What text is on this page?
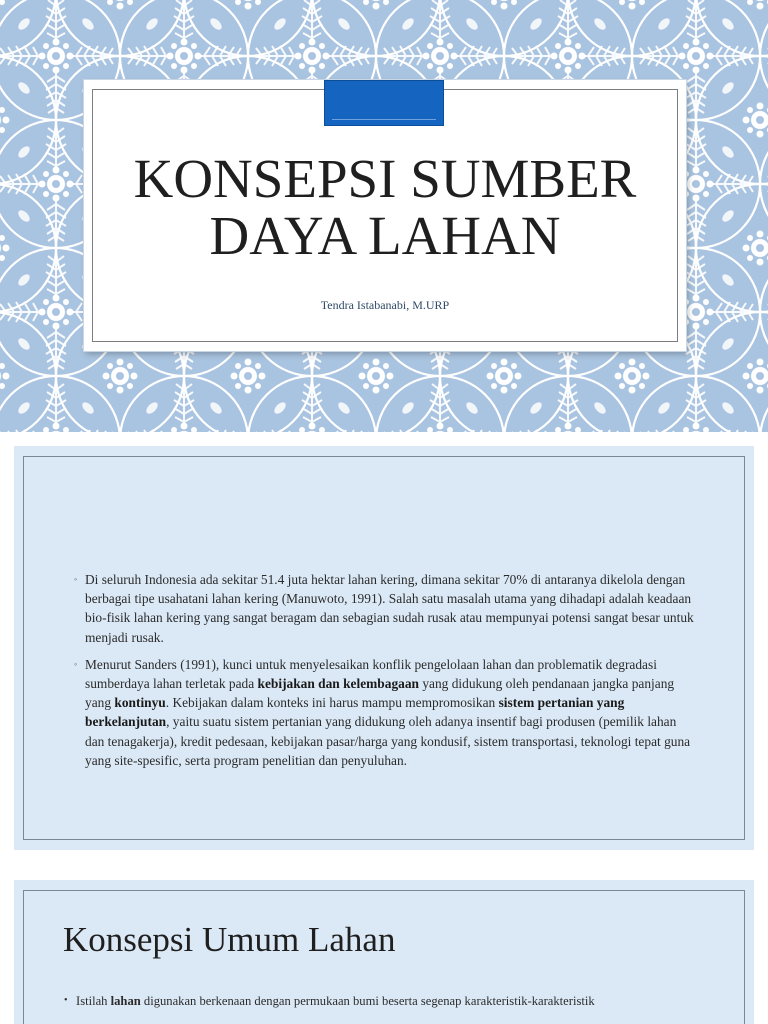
KONSEPSI SUMBER
DAYA LAHAN
Tendra Istabanabi, M.URP
◦ Di seluruh Indonesia ada sekitar 51.4 juta hektar lahan kering, dimana sekitar 70% di antaranya dikelola dengan berbagai tipe usahatani lahan kering (Manuwoto, 1991). Salah satu masalah utama yang dihadapi adalah keadaan bio-fisik lahan kering yang sangat beragam dan sebagian sudah rusak atau mempunyai potensi sangat besar untuk menjadi rusak.
◦ Menurut Sanders (1991), kunci untuk menyelesaikan konflik pengelolaan lahan dan problematik degradasi sumberdaya lahan terletak pada kebijakan dan kelembagaan yang didukung oleh pendanaan jangka panjang yang kontinyu. Kebijakan dalam konteks ini harus mampu mempromosikan sistem pertanian yang berkelanjutan, yaitu suatu sistem pertanian yang didukung oleh adanya insentif bagi produsen (pemilik lahan dan tenagakerja), kredit pedesaan, kebijakan pasar/harga yang kondusif, sistem transportasi, teknologi tepat guna yang site-spesific, serta program penelitian dan penyuluhan.
Konsepsi Umum Lahan
• Istilah lahan digunakan berkenaan dengan permukaan bumi beserta segenap karakteristik-karakteristik
